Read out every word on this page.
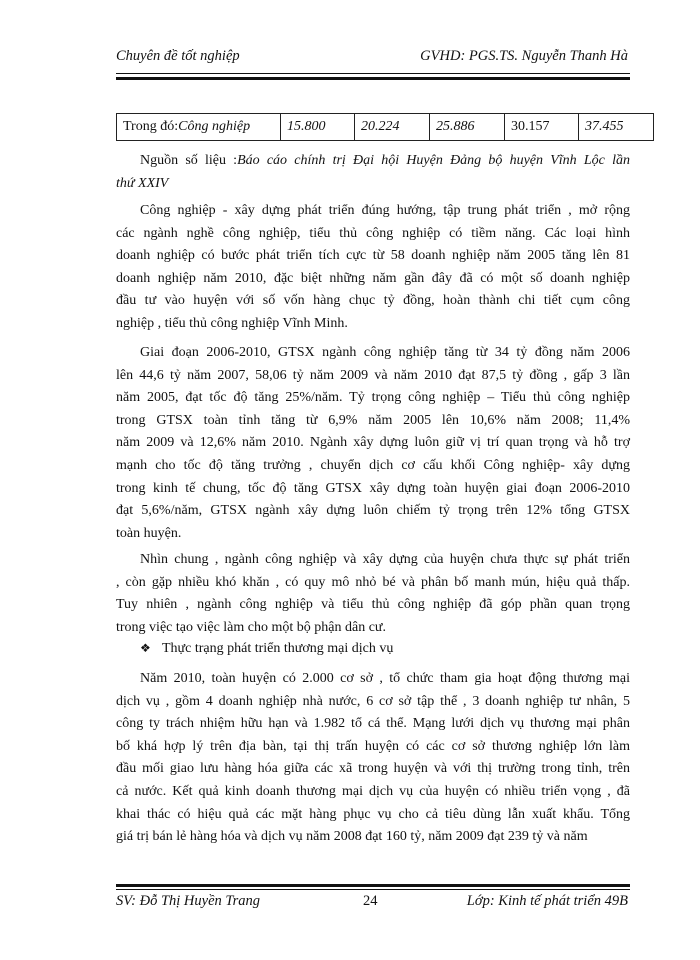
Chuyên đề tốt nghiệp	GVHD: PGS.TS. Nguyễn Thanh Hà
Trong đó:Công nghiệp	15.800	20.224	25.886	30.157	37.455
Nguồn số liệu :Báo cáo chính trị Đại hội Huyện Đảng bộ huyện Vĩnh Lộc lần
thứ XXIV
Công nghiệp - xây dựng phát triển đúng hướng, tập trung phát triển , mở rộng
các ngành nghề công nghiệp, tiểu thủ công nghiệp có tiềm năng. Các loại hình
doanh nghiệp có bước phát triển tích cực từ 58 doanh nghiệp năm 2005 tăng lên 81
doanh nghiệp năm 2010, đặc biệt những năm gần đây đã có một số doanh nghiệp
đầu tư vào huyện với số vốn hàng chục tỷ đồng, hoàn thành chi tiết cụm công
nghiệp , tiểu thủ công nghiệp Vĩnh Minh.
Giai đoạn 2006-2010, GTSX ngành công nghiệp tăng từ 34 tỷ đồng năm 2006
lên 44,6 tỷ năm 2007, 58,06 tỷ năm 2009 và năm 2010 đạt 87,5 tỷ đồng , gấp 3 lần
năm 2005, đạt tốc độ tăng 25%/năm. Tỷ trọng công nghiệp – Tiểu thủ công nghiệp
trong GTSX toàn tỉnh tăng từ 6,9% năm 2005 lên 10,6% năm 2008; 11,4%
năm 2009 và 12,6% năm 2010. Ngành xây dựng luôn giữ vị trí quan trọng và hỗ trợ
mạnh cho tốc độ tăng trưởng , chuyển dịch cơ cấu khối Công nghiệp- xây dựng
trong kinh tế chung, tốc độ tăng GTSX xây dựng toàn huyện giai đoạn 2006-2010
đạt 5,6%/năm, GTSX ngành xây dựng luôn chiếm tỷ trọng trên 12% tổng GTSX
toàn huyện.
Nhìn chung , ngành công nghiệp và xây dựng của huyện chưa thực sự phát triển
, còn gặp nhiều khó khăn , có quy mô nhỏ bé và phân bố manh mún, hiệu quả thấp.
Tuy nhiên , ngành công nghiệp và tiểu thủ công nghiệp đã góp phần quan trọng
trong việc tạo việc làm cho một bộ phận dân cư.
❖ Thực trạng phát triển thương mại dịch vụ
Năm 2010, toàn huyện có 2.000 cơ sở , tổ chức tham gia hoạt động thương mại
dịch vụ , gồm 4 doanh nghiệp nhà nước, 6 cơ sở tập thể , 3 doanh nghiệp tư nhân, 5
công ty trách nhiệm hữu hạn và 1.982 tổ cá thể. Mạng lưới dịch vụ thương mại phân
bố khá hợp lý trên địa bàn, tại thị trấn huyện có các cơ sở thương nghiệp lớn làm
đầu mối giao lưu hàng hóa giữa các xã trong huyện và với thị trường trong tỉnh, trên
cả nước. Kết quả kinh doanh thương mại dịch vụ của huyện có nhiều triển vọng , đã
khai thác có hiệu quả các mặt hàng phục vụ cho cả tiêu dùng lẫn xuất khẩu. Tổng
giá trị bán lẻ hàng hóa và dịch vụ năm 2008 đạt 160 tỷ, năm 2009 đạt 239 tỷ và năm
SV: Đỗ Thị Huyền Trang	24	Lớp: Kinh tế phát triển 49B
